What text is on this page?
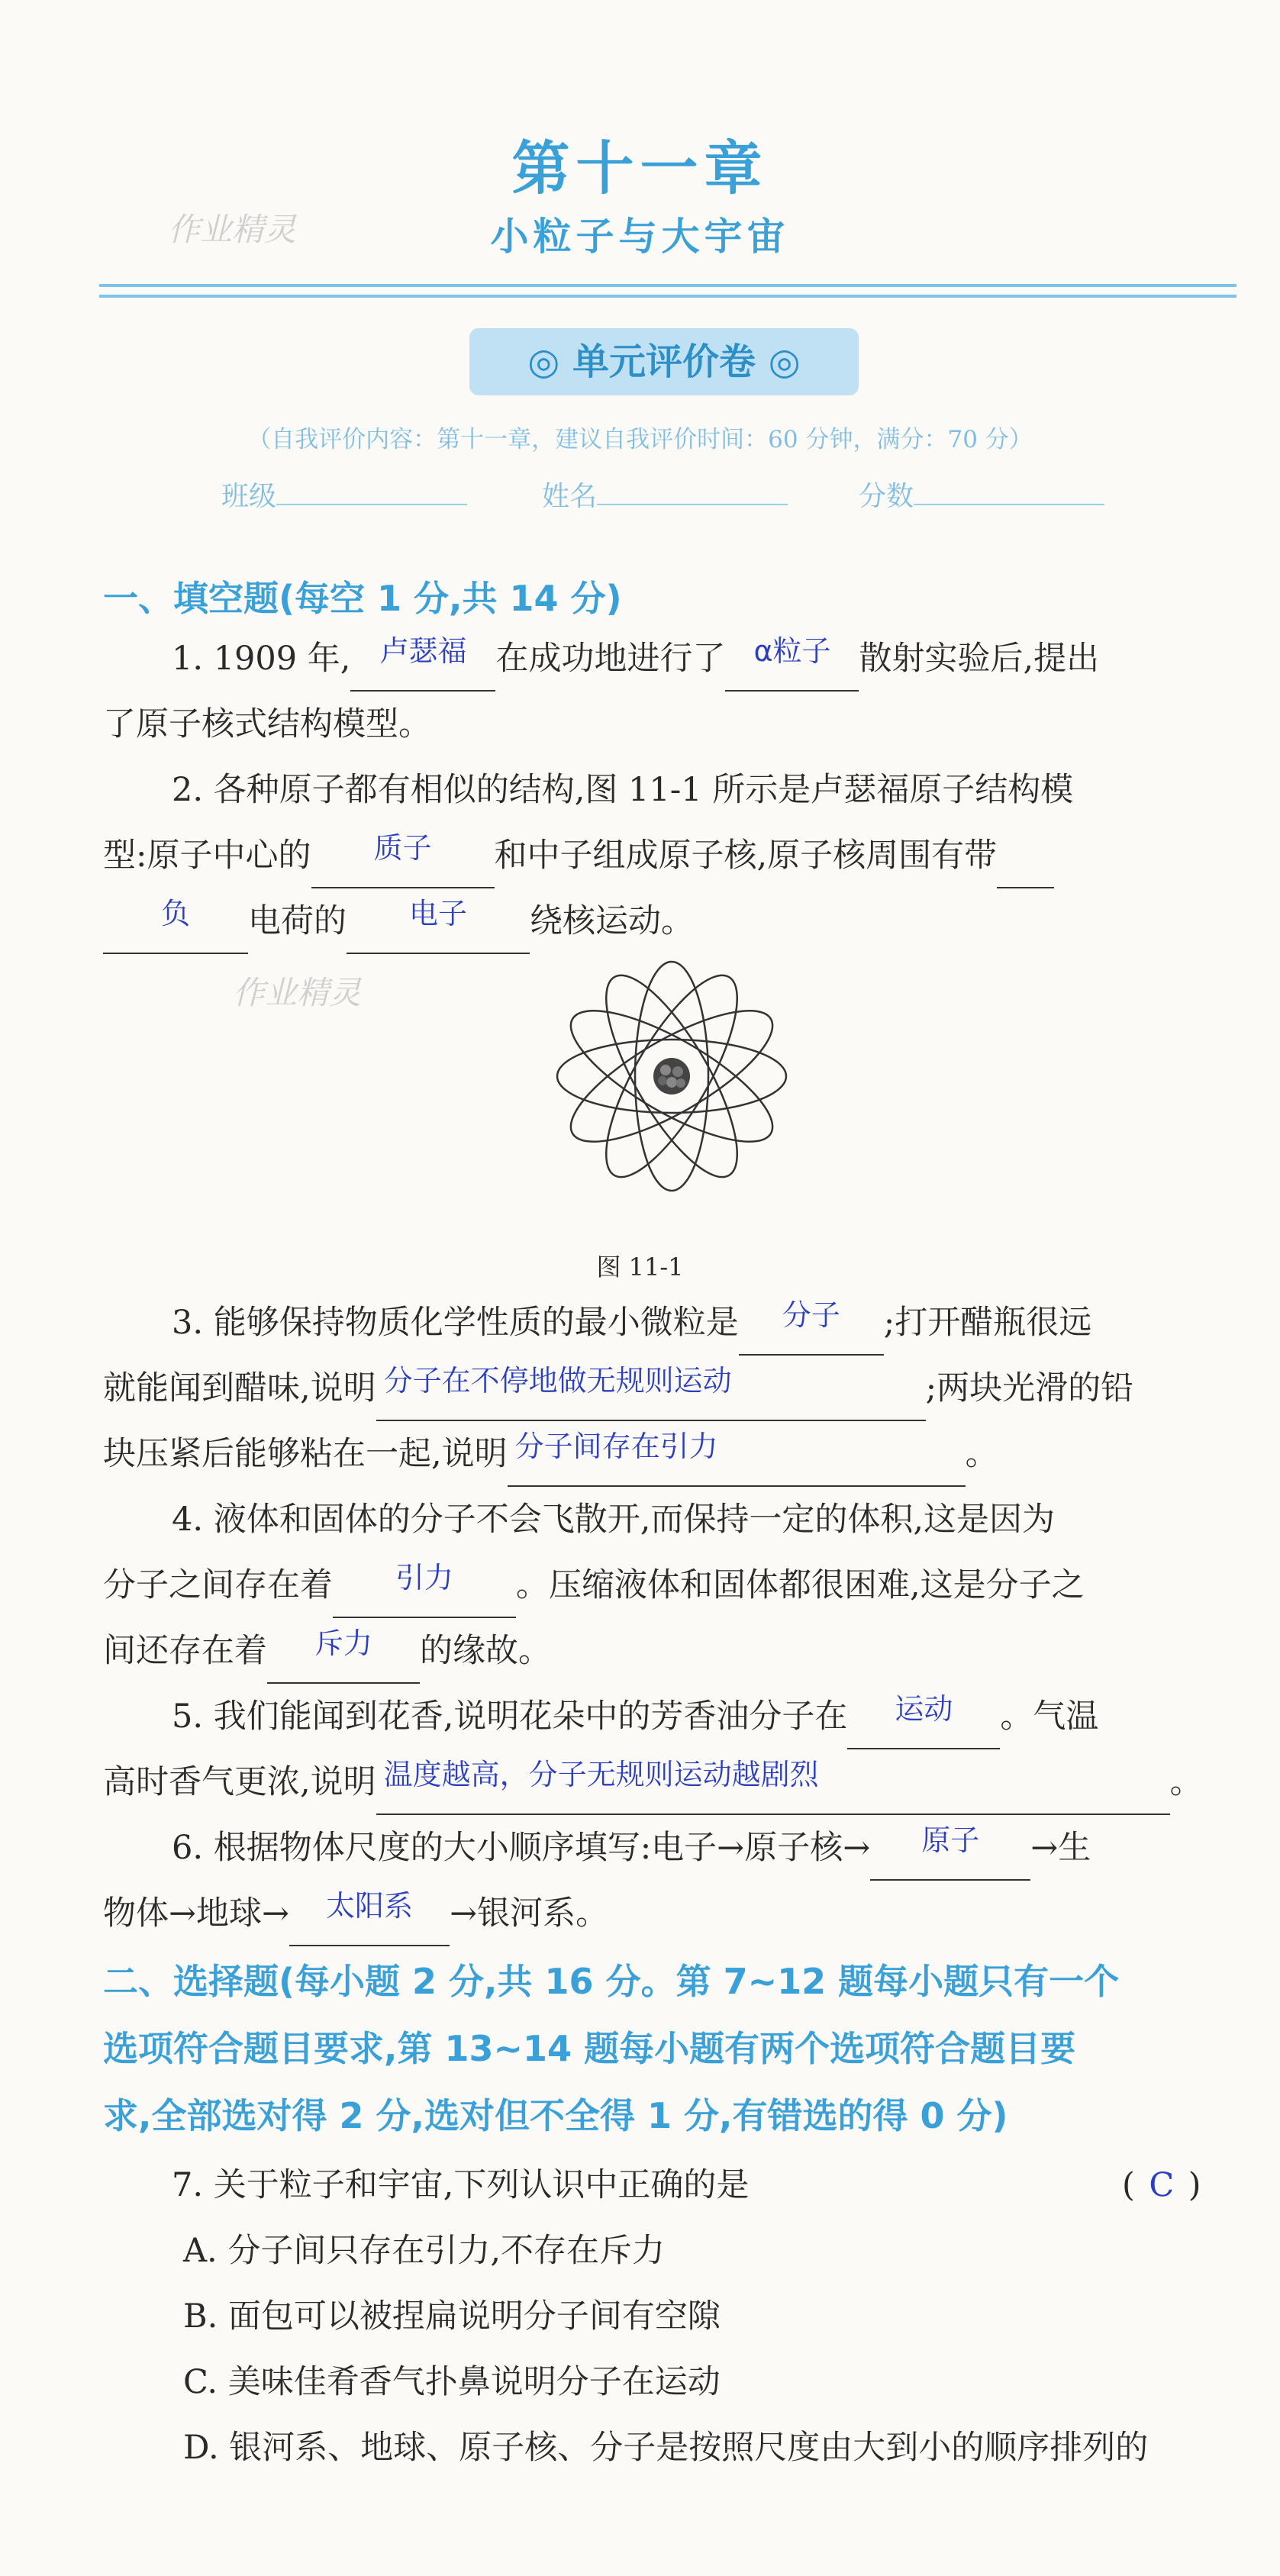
第十一章
小粒子与大宇宙
作业精灵
◎ 单元评价卷 ◎
（自我评价内容：第十一章，建议自我评价时间：60 分钟，满分：70 分）
班级	姓名	分数
一、填空题(每空 1 分,共 14 分)
1. 1909 年, 卢瑟福 在成功地进行了 α粒子 散射实验后,提出
了原子核式结构模型。
2. 各种原子都有相似的结构,图 11-1 所示是卢瑟福原子结构模
型:原子中心的	质子	和中子组成原子核,原子核周围有带
负	电荷的	电子	绕核运动。
作业精灵
图 11-1
3. 能够保持物质化学性质的最小微粒是	分子	;打开醋瓶很远
就能闻到醋味,说明 分子在不停地做无规则运动	;两块光滑的铅
块压紧后能够粘在一起,说明 分子间存在引力	。
4. 液体和固体的分子不会飞散开,而保持一定的体积,这是因为
分子之间存在着	引力	。压缩液体和固体都很困难,这是分子之
间还存在着	斥力	的缘故。
5. 我们能闻到花香,说明花朵中的芳香油分子在	运动	。气温
高时香气更浓,说明 温度越高，分子无规则运动越剧烈	。
6. 根据物体尺度的大小顺序填写:电子→原子核→	原子	→生
物体→地球→	太阳系	→银河系。
二、选择题(每小题 2 分,共 16 分。第 7~12 题每小题只有一个
选项符合题目要求,第 13~14 题每小题有两个选项符合题目要
求,全部选对得 2 分,选对但不全得 1 分,有错选的得 0 分)
7. 关于粒子和宇宙,下列认识中正确的是	( C )
A. 分子间只存在引力,不存在斥力
B. 面包可以被捏扁说明分子间有空隙
C. 美味佳肴香气扑鼻说明分子在运动
D. 银河系、地球、原子核、分子是按照尺度由大到小的顺序排列的
